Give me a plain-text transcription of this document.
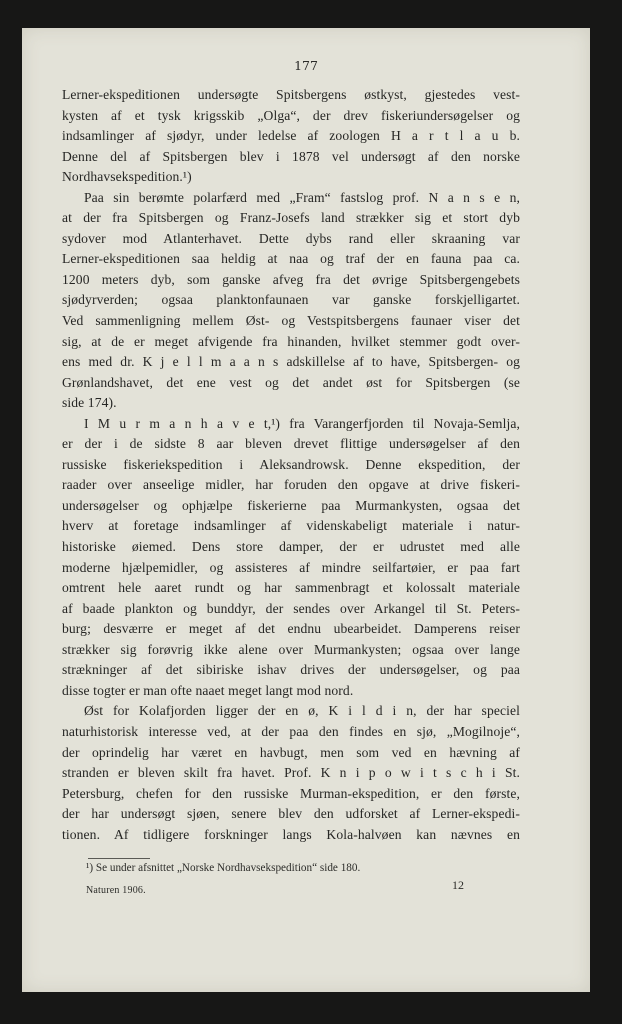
177

Lerner-ekspeditionen undersøgte Spitsbergens østkyst, gjestedes vest-
kysten af et tysk krigsskib „Olga“, der drev fiskeriundersøgelser og
indsamlinger af sjødyr, under ledelse af zoologen H a r t l a u b.
Denne del af Spitsbergen blev i 1878 vel undersøgt af den norske
Nordhavsekspedition.¹)

Paa sin berømte polarfærd med „Fram“ fastslog prof. N a n s e n,
at der fra Spitsbergen og Franz-Josefs land strækker sig et stort dyb
sydover mod Atlanterhavet. Dette dybs rand eller skraaning var
Lerner-ekspeditionen saa heldig at naa og traf der en fauna paa ca.
1200 meters dyb, som ganske afveg fra det øvrige Spitsbergengebets
sjødyrverden; ogsaa planktonfaunaen var ganske forskjelligartet.
Ved sammenligning mellem Øst- og Vestspitsbergens faunaer viser det
sig, at de er meget afvigende fra hinanden, hvilket stemmer godt over-
ens med dr. K j e l l m a a n s adskillelse af to have, Spitsbergen- og
Grønlandshavet, det ene vest og det andet øst for Spitsbergen (se
side 174).

I M u r m a n h a v e t,¹) fra Varangerfjorden til Novaja-Semlja,
er der i de sidste 8 aar bleven drevet flittige undersøgelser af den
russiske fiskeriekspedition i Aleksandrowsk. Denne ekspedition, der
raader over anseelige midler, har foruden den opgave at drive fiskeri-
undersøgelser og ophjælpe fiskerierne paa Murmankysten, ogsaa det
hverv at foretage indsamlinger af videnskabeligt materiale i natur-
historiske øiemed. Dens store damper, der er udrustet med alle
moderne hjælpemidler, og assisteres af mindre seilfartøier, er paa fart
omtrent hele aaret rundt og har sammenbragt et kolossalt materiale
af baade plankton og bunddyr, der sendes over Arkangel til St. Peters-
burg; desværre er meget af det endnu ubearbeidet. Damperens reiser
strækker sig forøvrig ikke alene over Murmankysten; ogsaa over lange
strækninger af det sibiriske ishav drives der undersøgelser, og paa
disse togter er man ofte naaet meget langt mod nord.

Øst for Kolafjorden ligger der en ø, K i l d i n, der har speciel
naturhistorisk interesse ved, at der paa den findes en sjø, „Mogilnoje“,
der oprindelig har været en havbugt, men som ved en hævning af
stranden er bleven skilt fra havet. Prof. K n i p o w i t s c h i St.
Petersburg, chefen for den russiske Murman-ekspedition, er den første,
der har undersøgt sjøen, senere blev den udforsket af Lerner-ekspedi-
tionen. Af tidligere forskninger langs Kola-halvøen kan nævnes en

¹) Se under afsnittet „Norske Nordhavsekspedition“ side 180.
Naturen 1906.	12
